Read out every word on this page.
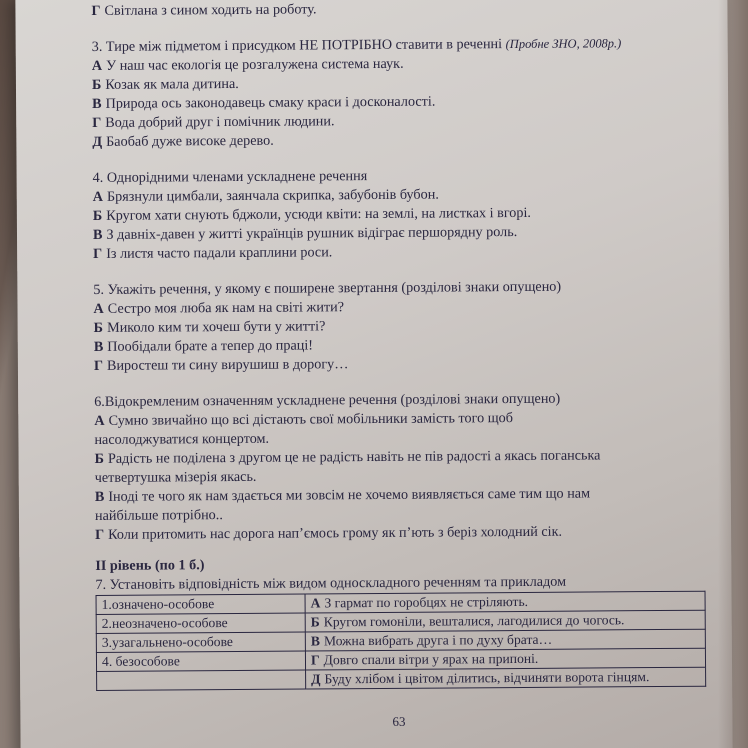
Г Світлана з сином ходить на роботу.
3. Тире між підметом і присудком НЕ ПОТРІБНО ставити в реченні (Пробне ЗНО, 2008р.)
А У наш час екологія це розгалужена система наук.
Б Козак як мала дитина.
В Природа ось законодавець смаку краси і досконалості.
Г Вода добрий друг і помічник людини.
Д Баобаб дуже високе дерево.
4. Однорідними членами ускладнене речення
А Брязнули цимбали, заянчала скрипка, забубонів бубон.
Б Кругом хати снують бджоли, усюди квіти: на землі, на листках і вгорі.
В З давніх-давен у житті українців рушник відіграє першорядну роль.
Г Із листя часто падали краплини роси.
5. Укажіть речення, у якому є поширене звертання (розділові знаки опущено)
А Сестро моя люба як нам на світі жити?
Б Миколо ким ти хочеш бути у житті?
В Пообідали брате а тепер до праці!
Г Виростеш ти сину вирушиш в дорогу…
6.Відокремленим означенням ускладнене речення (розділові знаки опущено)
А Сумно звичайно що всі дістають свої мобільники замість того щоб
насолоджуватися концертом.
Б Радість не поділена з другом це не радість навіть не пів радості а якась поганська
четвертушка мізерія якась.
В Іноді те чого як нам здається ми зовсім не хочемо виявляється саме тим що нам
найбільше потрібно..
Г Коли притомить нас дорога нап’ємось грому як п’ють з беріз холодний сік.
ІІ рівень (по 1 б.)
7. Установіть відповідність між видом односкладного реченням та прикладом
1.означено-особове	А З гармат по горобцях не стріляють.
2.неозначено-особове	Б Кругом гомоніли, вешталися, лагодилися до чогось.
3.узагальнено-особове	В Можна вибрать друга і по духу брата…
4. безособове	Г Довго спали вітри у ярах на припоні.
	Д Буду хлібом і цвітом ділитись, відчиняти ворота гінцям.
63
